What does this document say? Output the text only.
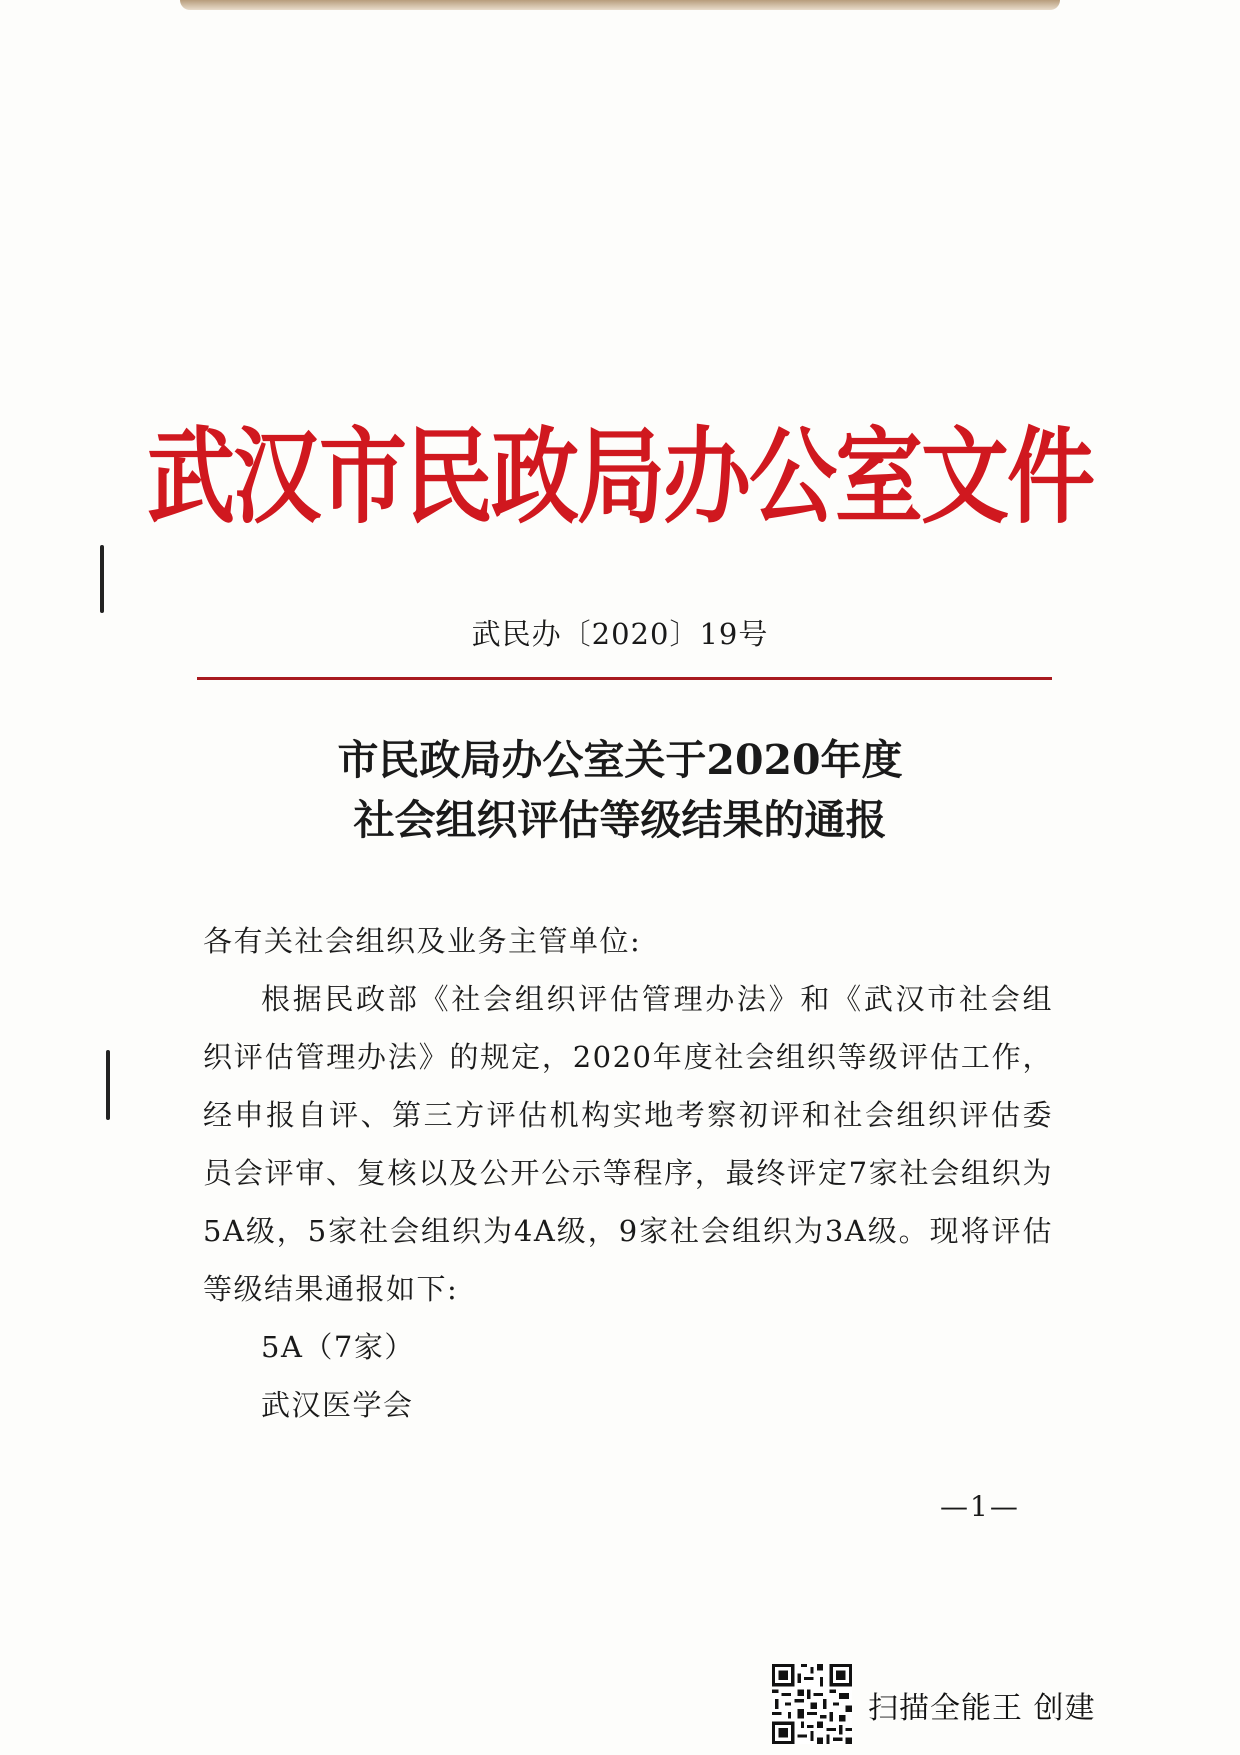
武汉市民政局办公室文件
武民办〔2020〕19号
市民政局办公室关于2020年度
社会组织评估等级结果的通报

各有关社会组织及业务主管单位:

根据民政部《社会组织评估管理办法》和《武汉市社会组织评估管理办法》的规定，2020年度社会组织等级评估工作，经申报自评、第三方评估机构实地考察初评和社会组织评估委员会评审、复核以及公开公示等程序，最终评定7家社会组织为5A级，5家社会组织为4A级，9家社会组织为3A级。现将评估等级结果通报如下:

5A（7家）

武汉医学会

—1—
扫描全能王 创建
